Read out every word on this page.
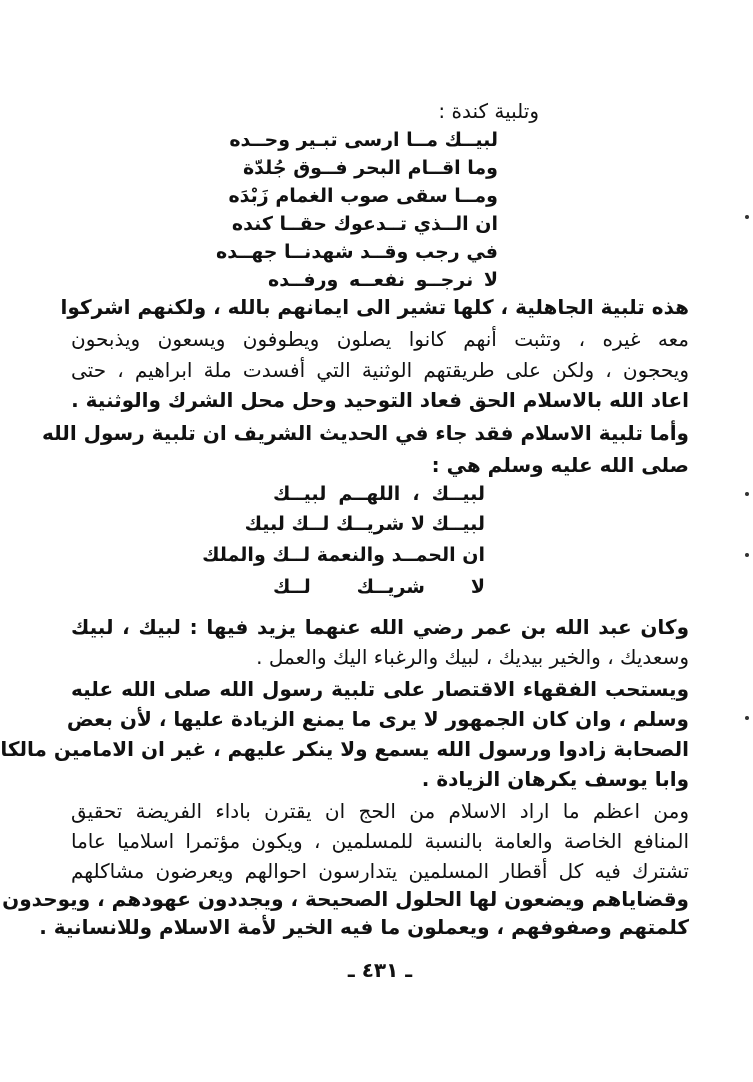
وتلبية كندة :
لبيــك مــا ارسى تبـير وحــده
وما اقــام البحر فــوق جُلدّة
ومــا سقى صوب الغمام زَبْدَه
ان الــذي تــدعوك حقــا كنده
في رجب وقــد شهدنــا جهــده
لا نرجــو نفعــه ورفــده
هذه تلبية الجاهلية ، كلها تشير الى ايمانهم بالله ، ولكنهم اشركوا
معه غيره ، وتثبت أنهم كانوا يصلون ويطوفون ويسعون ويذبحون
ويحجون ، ولكن على طريقتهم الوثنية التي أفسدت ملة ابراهيم ، حتى
اعاد الله بالاسلام الحق فعاد التوحيد وحل محل الشرك والوثنية .
وأما تلبية الاسلام فقد جاء في الحديث الشريف ان تلبية رسول الله
صلى الله عليه وسلم هي :
لبيــك ، اللهــم لبيــك
لبيــك لا شريــك لــك لبيك
ان الحمــد والنعمة لــك والملك
لا شريــك لــك
وكان عبد الله بن عمر رضي الله عنهما يزيد فيها : لبيك ، لبيك
وسعديك ، والخير بيديك ، لبيك والرغباء اليك والعمل .
ويستحب الفقهاء الاقتصار على تلبية رسول الله صلى الله عليه
وسلم ، وان كان الجمهور لا يرى ما يمنع الزيادة عليها ، لأن بعض
الصحابة زادوا ورسول الله يسمع ولا ينكر عليهم ، غير ان الامامين مالكا
وابا يوسف يكرهان الزيادة .
ومن اعظم ما اراد الاسلام من الحج ان يقترن باداء الفريضة تحقيق
المنافع الخاصة والعامة بالنسبة للمسلمين ، ويكون مؤتمرا اسلاميا عاما
تشترك فيه كل أقطار المسلمين يتدارسون احوالهم ويعرضون مشاكلهم
وقضاياهم ويضعون لها الحلول الصحيحة ، ويجددون عهودهم ، ويوحدون
كلمتهم وصفوفهم ، ويعملون ما فيه الخير لأمة الاسلام وللانسانية .
ـ ٤٣١ ـ
